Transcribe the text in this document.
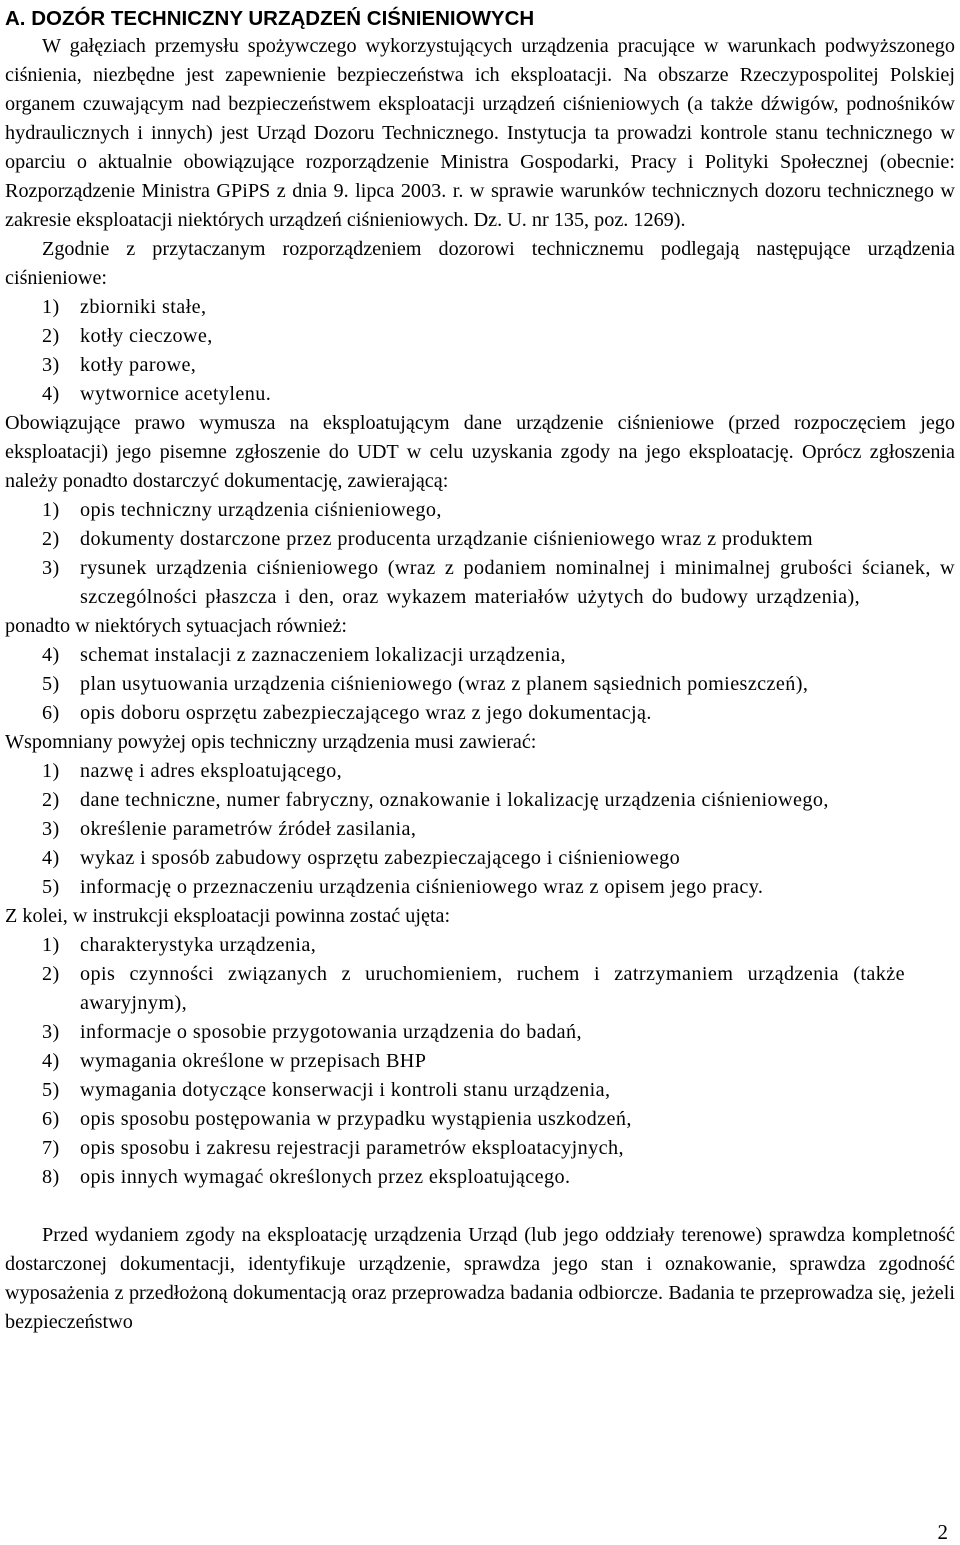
A. DOZÓR TECHNICZNY URZĄDZEŃ CIŚNIENIOWYCH

W gałęziach przemysłu spożywczego wykorzystujących urządzenia pracujące w warunkach podwyższonego ciśnienia, niezbędne jest zapewnienie bezpieczeństwa ich eksploatacji. Na obszarze Rzeczypospolitej Polskiej organem czuwającym nad bezpieczeństwem eksploatacji urządzeń ciśnieniowych (a także dźwigów, podnośników hydraulicznych i innych) jest Urząd Dozoru Technicznego. Instytucja ta prowadzi kontrole stanu technicznego w oparciu o aktualnie obowiązujące rozporządzenie Ministra Gospodarki, Pracy i Polityki Społecznej (obecnie: Rozporządzenie Ministra GPiPS z dnia 9. lipca 2003. r. w sprawie warunków technicznych dozoru technicznego w zakresie eksploatacji niektórych urządzeń ciśnieniowych. Dz. U. nr 135, poz. 1269).

Zgodnie z przytaczanym rozporządzeniem dozorowi technicznemu podlegają następujące urządzenia ciśnieniowe:

1) zbiorniki stałe,
2) kotły cieczowe,
3) kotły parowe,
4) wytwornice acetylenu.

Obowiązujące prawo wymusza na eksploatującym dane urządzenie ciśnieniowe (przed rozpoczęciem jego eksploatacji) jego pisemne zgłoszenie do UDT w celu uzyskania zgody na jego eksploatację. Oprócz zgłoszenia należy ponadto dostarczyć dokumentację, zawierającą:

1) opis techniczny urządzenia ciśnieniowego,
2) dokumenty dostarczone przez producenta urządzanie ciśnieniowego wraz z produktem
3) rysunek urządzenia ciśnieniowego (wraz z podaniem nominalnej i minimalnej grubości ścianek, w szczególności płaszcza i den, oraz wykazem materiałów użytych do budowy urządzenia),

ponadto w niektórych sytuacjach również:

4) schemat instalacji z zaznaczeniem lokalizacji urządzenia,
5) plan usytuowania urządzenia ciśnieniowego (wraz z planem sąsiednich pomieszczeń),
6) opis doboru osprzętu zabezpieczającego wraz z jego dokumentacją.

Wspomniany powyżej opis techniczny urządzenia musi zawierać:

1) nazwę i adres eksploatującego,
2) dane techniczne, numer fabryczny, oznakowanie i lokalizację urządzenia ciśnieniowego,
3) określenie parametrów źródeł zasilania,
4) wykaz i sposób zabudowy osprzętu zabezpieczającego i ciśnieniowego
5) informację o przeznaczeniu urządzenia ciśnieniowego wraz z opisem jego pracy.

Z kolei, w instrukcji eksploatacji powinna zostać ujęta:

1) charakterystyka urządzenia,
2) opis czynności związanych z uruchomieniem, ruchem i zatrzymaniem urządzenia (także awaryjnym),
3) informacje o sposobie przygotowania urządzenia do badań,
4) wymagania określone w przepisach BHP
5) wymagania dotyczące konserwacji i kontroli stanu urządzenia,
6) opis sposobu postępowania w przypadku wystąpienia uszkodzeń,
7) opis sposobu i zakresu rejestracji parametrów eksploatacyjnych,
8) opis innych wymagać określonych przez eksploatującego.

Przed wydaniem zgody na eksploatację urządzenia Urząd (lub jego oddziały terenowe) sprawdza kompletność dostarczonej dokumentacji, identyfikuje urządzenie, sprawdza jego stan i oznakowanie, sprawdza zgodność wyposażenia z przedłożoną dokumentacją oraz przeprowadza badania odbiorcze. Badania te przeprowadza się, jeżeli bezpieczeństwo

2
